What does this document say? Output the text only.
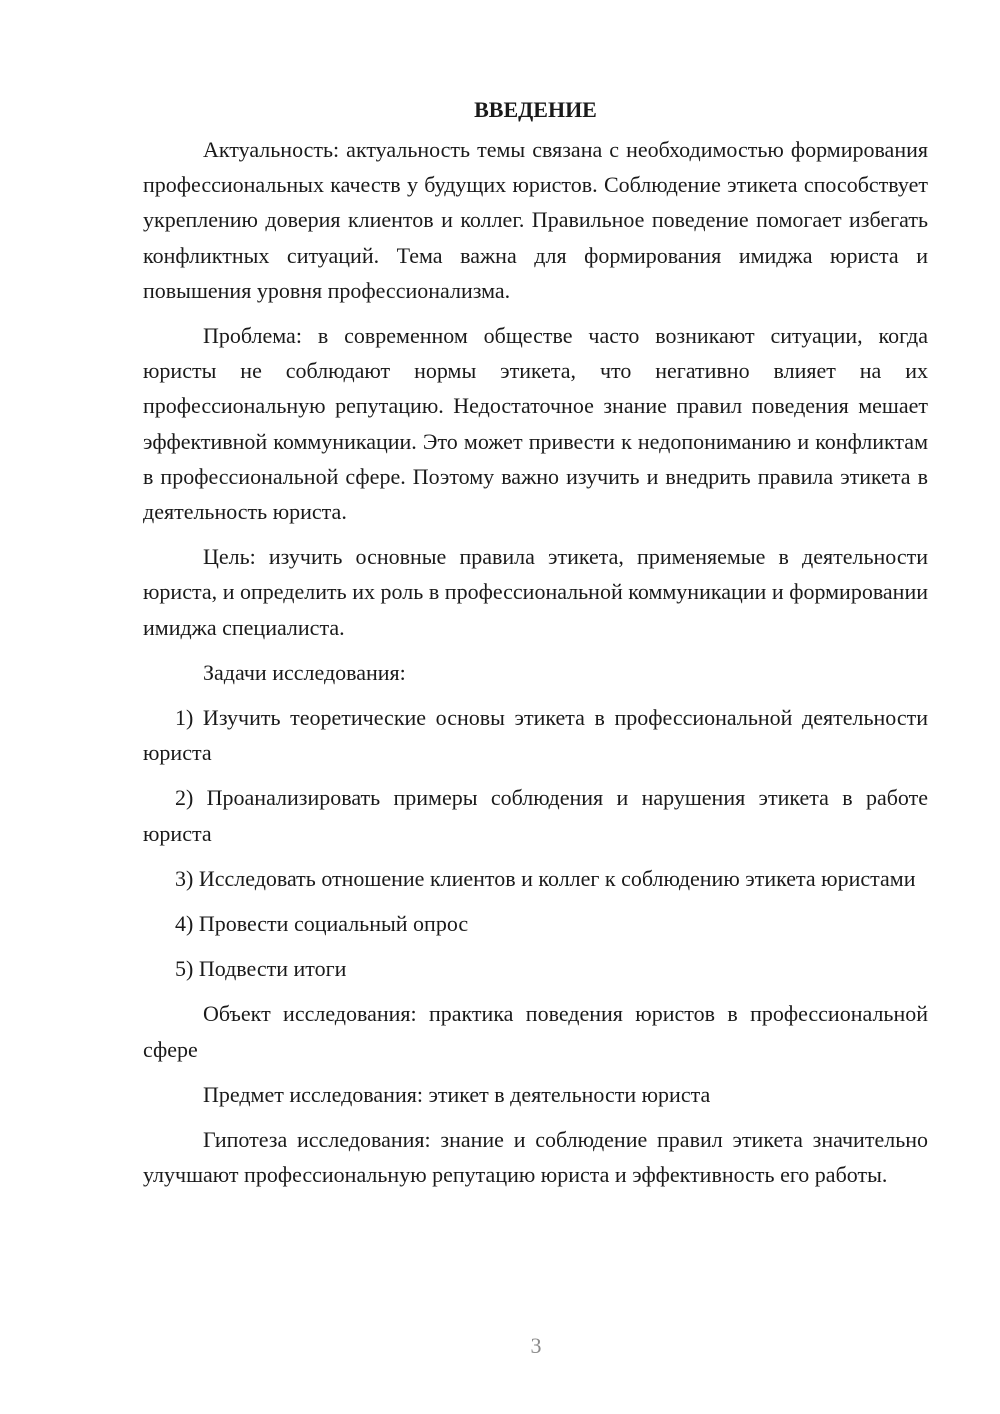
ВВЕДЕНИЕ

Актуальность: актуальность темы связана с необходимостью формирования профессиональных качеств у будущих юристов. Соблюдение этикета способствует укреплению доверия клиентов и коллег. Правильное поведение помогает избегать конфликтных ситуаций. Тема важна для формирования имиджа юриста и повышения уровня профессионализма.

Проблема: в современном обществе часто возникают ситуации, когда юристы не соблюдают нормы этикета, что негативно влияет на их профессиональную репутацию. Недостаточное знание правил поведения мешает эффективной коммуникации. Это может привести к недопониманию и конфликтам в профессиональной сфере. Поэтому важно изучить и внедрить правила этикета в деятельность юриста.

Цель: изучить основные правила этикета, применяемые в деятельности юриста, и определить их роль в профессиональной коммуникации и формировании имиджа специалиста.

Задачи исследования:

1) Изучить теоретические основы этикета в профессиональной деятельности юриста

2) Проанализировать примеры соблюдения и нарушения этикета в работе юриста

3) Исследовать отношение клиентов и коллег к соблюдению этикета юристами

4) Провести социальный опрос

5) Подвести итоги

Объект исследования: практика поведения юристов в профессиональной сфере

Предмет исследования: этикет в деятельности юриста

Гипотеза исследования: знание и соблюдение правил этикета значительно улучшают профессиональную репутацию юриста и эффективность его работы.

3
